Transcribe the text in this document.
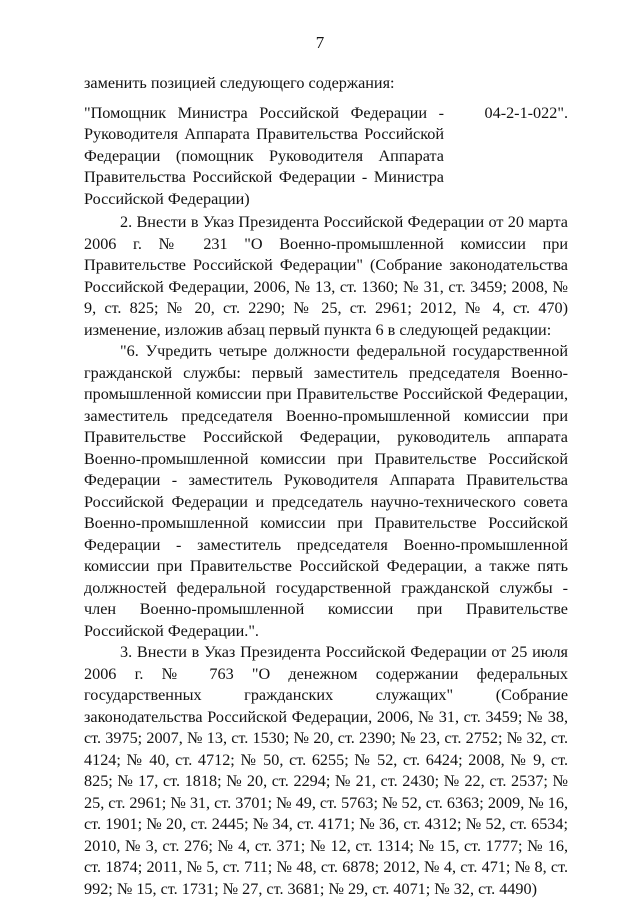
7

заменить позицией следующего содержания:

"Помощник Министра Российской Федерации - Руководителя Аппарата Правительства Российской Федерации (помощник Руководителя Аппарата Правительства Российской Федерации - Министра Российской Федерации)

04-2-1-022".

2. Внести в Указ Президента Российской Федерации от 20 марта 2006 г. № 231 "О Военно-промышленной комиссии при Правительстве Российской Федерации" (Собрание законодательства Российской Федерации, 2006, № 13, ст. 1360; № 31, ст. 3459; 2008, № 9, ст. 825; № 20, ст. 2290; № 25, ст. 2961; 2012, № 4, ст. 470) изменение, изложив абзац первый пункта 6 в следующей редакции:

"6. Учредить четыре должности федеральной государственной гражданской службы: первый заместитель председателя Военно-промышленной комиссии при Правительстве Российской Федерации, заместитель председателя Военно-промышленной комиссии при Правительстве Российской Федерации, руководитель аппарата Военно-промышленной комиссии при Правительстве Российской Федерации - заместитель Руководителя Аппарата Правительства Российской Федерации и председатель научно-технического совета Военно-промышленной комиссии при Правительстве Российской Федерации - заместитель председателя Военно-промышленной комиссии при Правительстве Российской Федерации, а также пять должностей федеральной государственной гражданской службы - член Военно-промышленной комиссии при Правительстве Российской Федерации.".

3. Внести в Указ Президента Российской Федерации от 25 июля 2006 г. № 763 "О денежном содержании федеральных государственных гражданских служащих" (Собрание законодательства Российской Федерации, 2006, № 31, ст. 3459; № 38, ст. 3975; 2007, № 13, ст. 1530; № 20, ст. 2390; № 23, ст. 2752; № 32, ст. 4124; № 40, ст. 4712; № 50, ст. 6255; № 52, ст. 6424; 2008, № 9, ст. 825; № 17, ст. 1818; № 20, ст. 2294; № 21, ст. 2430; № 22, ст. 2537; № 25, ст. 2961; № 31, ст. 3701; № 49, ст. 5763; № 52, ст. 6363; 2009, № 16, ст. 1901; № 20, ст. 2445; № 34, ст. 4171; № 36, ст. 4312; № 52, ст. 6534; 2010, № 3, ст. 276; № 4, ст. 371; № 12, ст. 1314; № 15, ст. 1777; № 16, ст. 1874; 2011, № 5, ст. 711; № 48, ст. 6878; 2012, № 4, ст. 471; № 8, ст. 992; № 15, ст. 1731; № 27, ст. 3681; № 29, ст. 4071; № 32, ст. 4490)
